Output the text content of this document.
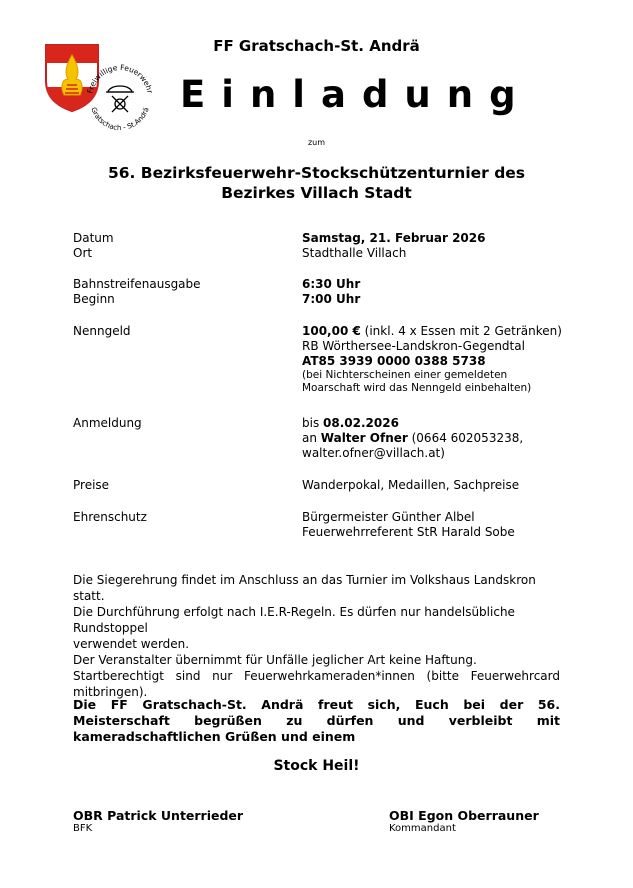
Freiwillige Feuerwehr
Gratschach - St.Andrä
FF Gratschach-St. Andrä
Einladung
zum
56. Bezirksfeuerwehr-Stockschützenturnier des
Bezirkes Villach Stadt
Datum	Samstag, 21. Februar 2026
Ort	Stadthalle Villach
Bahnstreifenausgabe	6:30 Uhr
Beginn	7:00 Uhr
Nenngeld	100,00 € (inkl. 4 x Essen mit 2 Getränken)
RB Wörthersee-Landskron-Gegendtal
AT85 3939 0000 0388 5738
(bei Nichterscheinen einer gemeldeten
Moarschaft wird das Nenngeld einbehalten)
Anmeldung	bis 08.02.2026
an Walter Ofner (0664 602053238,
walter.ofner@villach.at)
Preise	Wanderpokal, Medaillen, Sachpreise
Ehrenschutz	Bürgermeister Günther Albel
Feuerwehrreferent StR Harald Sobe

Die Siegerehrung findet im Anschluss an das Turnier im Volkshaus Landskron statt.

Die Durchführung erfolgt nach I.E.R-Regeln. Es dürfen nur handelsübliche Rundstoppel

verwendet werden.

Der Veranstalter übernimmt für Unfälle jeglicher Art keine Haftung.

Startberechtigt sind nur Feuerwehrkameraden*innen (bitte Feuerwehrcard

mitbringen).

Die FF Gratschach-St. Andrä freut sich, Euch bei der 56. Meisterschaft begrüßen zu dürfen und verbleibt mit kameradschaftlichen Grüßen und einem
Stock Heil!
OBR Patrick Unterrieder
BFK
OBI Egon Oberrauner
Kommandant
